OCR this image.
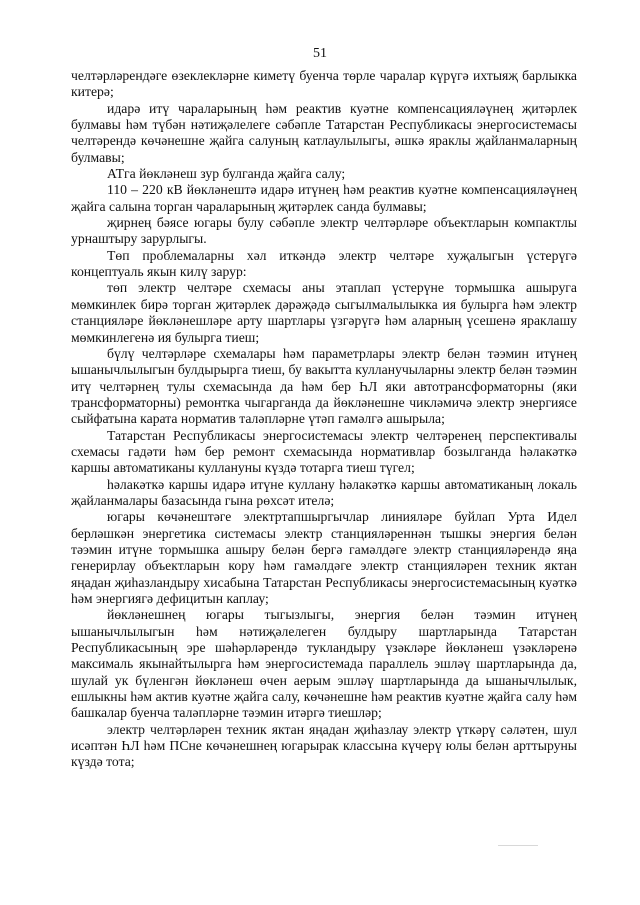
51

челтәрләрендәге өзеклекләрне киметү буенча төрле чаралар күрүгә ихтыяҗ барлыкка китерә;

идарә итү чараларының һәм реактив куәтне компенсацияләүнең җитәрлек булмавы һәм түбән нәтиҗәлелеге сәбәпле Татарстан Республикасы энергосистемасы челтәрендә көчәнешне җайга салуның катлаулылыгы, әшкә яраклы җайланмаларның булмавы;

АТга йөкләнеш зур булганда җайга салу;

110 – 220 кВ йөкләнештә идарә итүнең һәм реактив куәтне компенсацияләүнең җайга салына торган чараларының җитәрлек санда булмавы;

җирнең бәясе югары булу сәбәпле электр челтәрләре объектларын компактлы урнаштыру зарурлыгы.

Төп проблемаларны хәл иткәндә электр челтәре хуҗалыгын үстерүгә концептуаль якын килү зарур:

төп электр челтәре схемасы аны этаплап үстерүне тормышка ашыруга мөмкинлек бирә торган җитәрлек дәрәҗәдә сыгылмалылыкка ия булырга һәм электр станцияләре йөкләнешләре арту шартлары үзгәрүгә һәм аларның үсешенә яраклашу мөмкинлегенә ия булырга тиеш;

бүлү челтәрләре схемалары һәм параметрлары электр белән тәэмин итүнең ышанычлылыгын булдырырга тиеш, бу вакытта кулланучыларны электр белән тәэмин итү челтәрнең тулы схемасында да һәм бер ҺЛ яки автотрансформаторны (яки трансформаторны) ремонтка чыгарганда да йөкләнешне чикләмичә электр энергиясе сыйфатына карата норматив таләпләрне үтәп гамәлгә ашырыла;

Татарстан Республикасы энергосистемасы электр челтәренең перспективалы схемасы гадәти һәм бер ремонт схемасында нормативлар бозылганда һәлакәткә каршы автоматиканы куллануны күздә тотарга тиеш түгел;

һәлакәткә каршы идарә итүне куллану һәлакәткә каршы автоматиканың локаль җайланмалары базасында гына рөхсәт ителә;

югары көчәнештәге электртапшыргычлар линияләре буйлап Урта Идел берләшкән энергетика системасы электр станцияләреннән тышкы энергия белән тәэмин итүне тормышка ашыру белән бергә гамәлдәге электр станцияләрендә яңа генерирлау объектларын кору һәм гамәлдәге электр станцияләрен техник яктан яңадан җиһазландыру хисабына Татарстан Республикасы энергосистемасының куәткә һәм энергиягә дефицитын каплау;

йөкләнешнең югары тыгызлыгы, энергия белән тәэмин итүнең ышанычлылыгын һәм нәтиҗәлелеген булдыру шартларында Татарстан Республикасының эре шәһәрләрендә тукландыру үзәкләре йөкләнеш үзәкләренә максималь якынайтылырга һәм энергосистемада параллель эшләү шартларында да, шулай ук бүленгән йөкләнеш өчен аерым эшләү шартларында да ышанычлылык, ешлыкны һәм актив куәтне җайга салу, көчәнешне һәм реактив куәтне җайга салу һәм башкалар буенча таләпләрне тәэмин итәргә тиешләр;

электр челтәрләрен техник яктан яңадан җиһазлау электр үткәрү сәләтен, шул исәптән ҺЛ һәм ПСне көчәнешнең югарырак классына күчерү юлы белән арттыруны күздә тота;
